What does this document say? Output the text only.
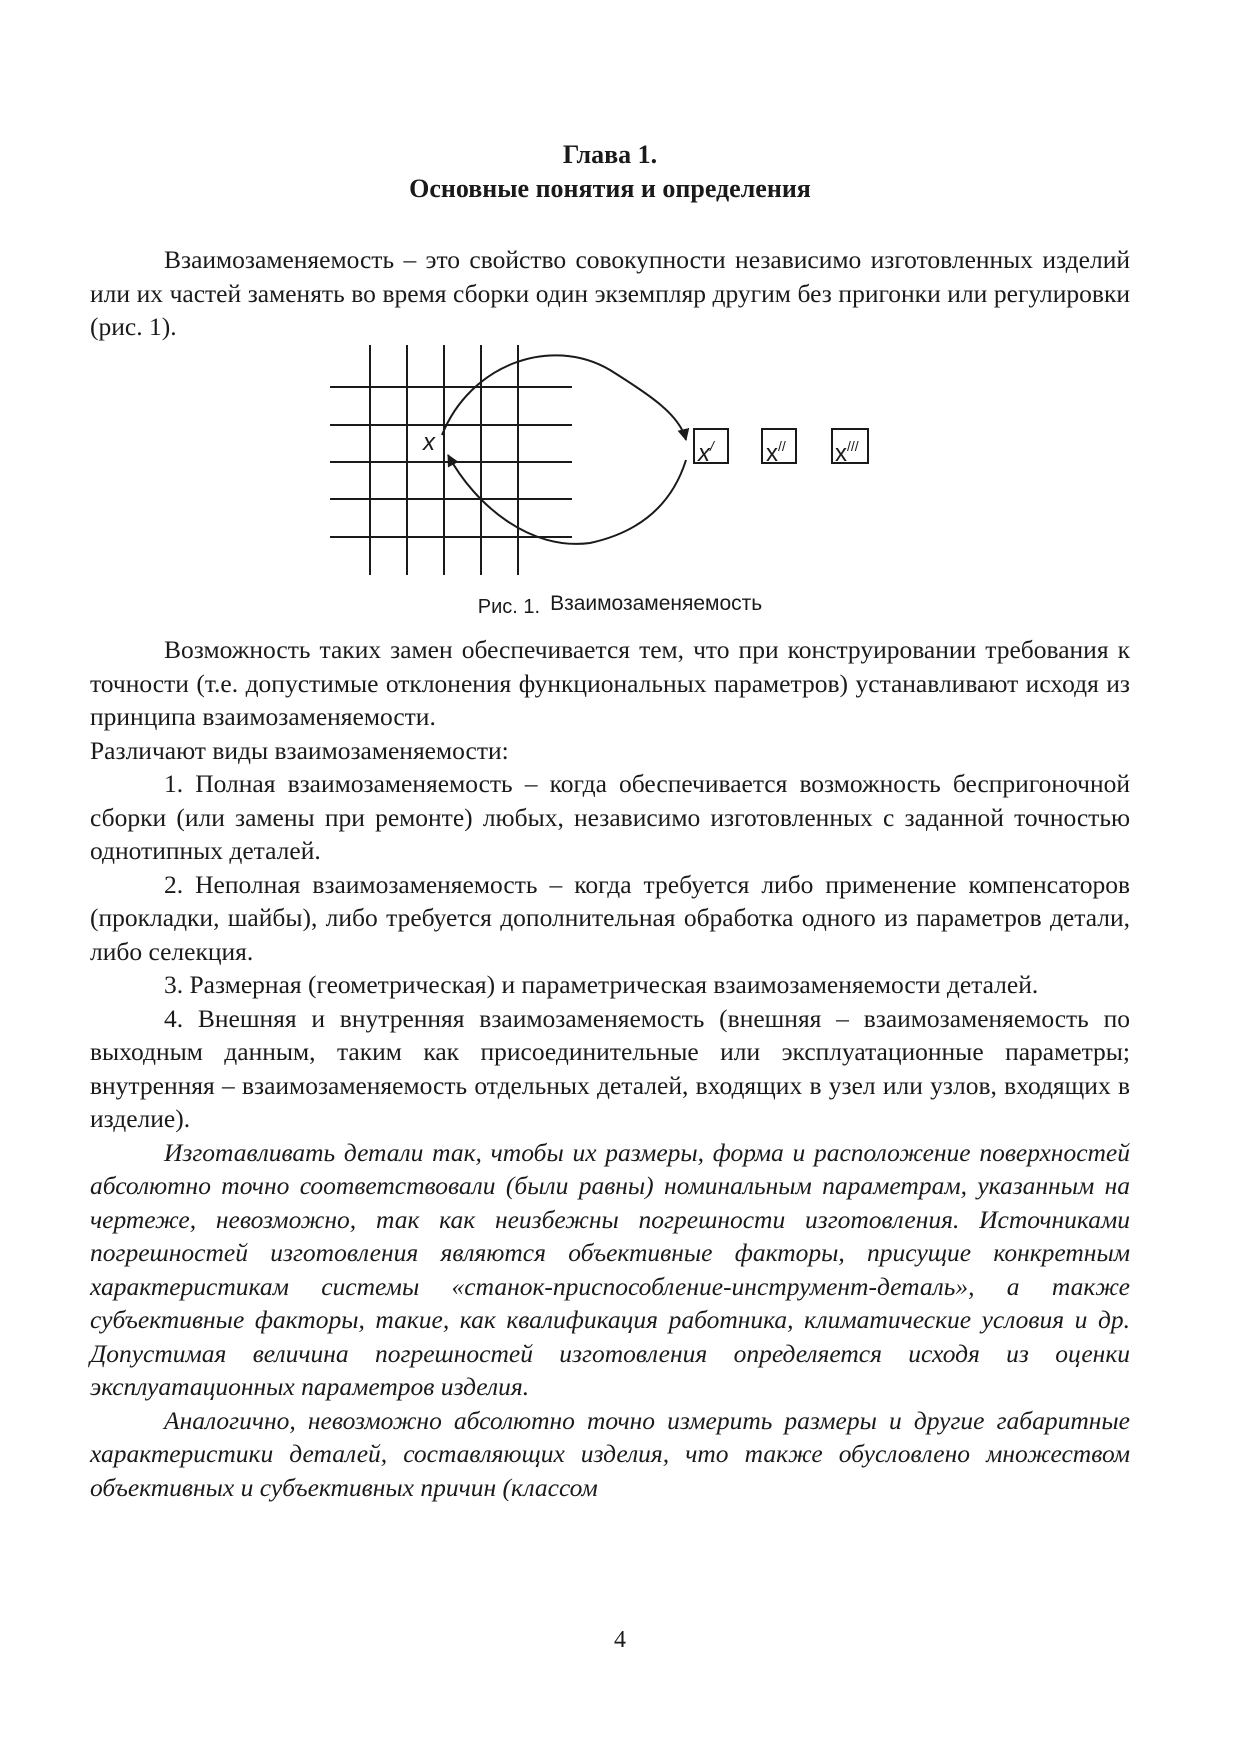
Глава 1.
Основные понятия и определения

Взаимозаменяемость – это свойство совокупности независимо изготовленных изделий или их частей заменять во время сборки один экземпляр другим без пригонки или регулировки (рис. 1).

x	x/ x// x///
Рис. 1. Взаимозаменяемость

Возможность таких замен обеспечивается тем, что при конструировании требования к точности (т.е. допустимые отклонения функциональных параметров) устанавливают исходя из принципа взаимозаменяемости.

Различают виды взаимозаменяемости:

1. Полная взаимозаменяемость – когда обеспечивается возможность беспригоночной сборки (или замены при ремонте) любых, независимо изготовленных с заданной точностью однотипных деталей.

2. Неполная взаимозаменяемость – когда требуется либо применение компенсаторов (прокладки, шайбы), либо требуется дополнительная обработка одного из параметров детали, либо селекция.

3. Размерная (геометрическая) и параметрическая взаимозаменяемости деталей.

4. Внешняя и внутренняя взаимозаменяемость (внешняя – взаимозаменяемость по выходным данным, таким как присоединительные или эксплуатационные параметры; внутренняя – взаимозаменяемость отдельных деталей, входящих в узел или узлов, входящих в изделие).

Изготавливать детали так, чтобы их размеры, форма и расположение поверхностей абсолютно точно соответствовали (были равны) номинальным параметрам, указанным на чертеже, невозможно, так как неизбежны погрешности изготовления. Источниками погрешностей изготовления являются объективные факторы, присущие конкретным характеристикам системы «станок-приспособление-инструмент-деталь», а также субъективные факторы, такие, как квалификация работника, климатические условия и др. Допустимая величина погрешностей изготовления определяется исходя из оценки эксплуатационных параметров изделия.

Аналогично, невозможно абсолютно точно измерить размеры и другие габаритные характеристики деталей, составляющих изделия, что также обусловлено множеством объективных и субъективных причин (классом

4
